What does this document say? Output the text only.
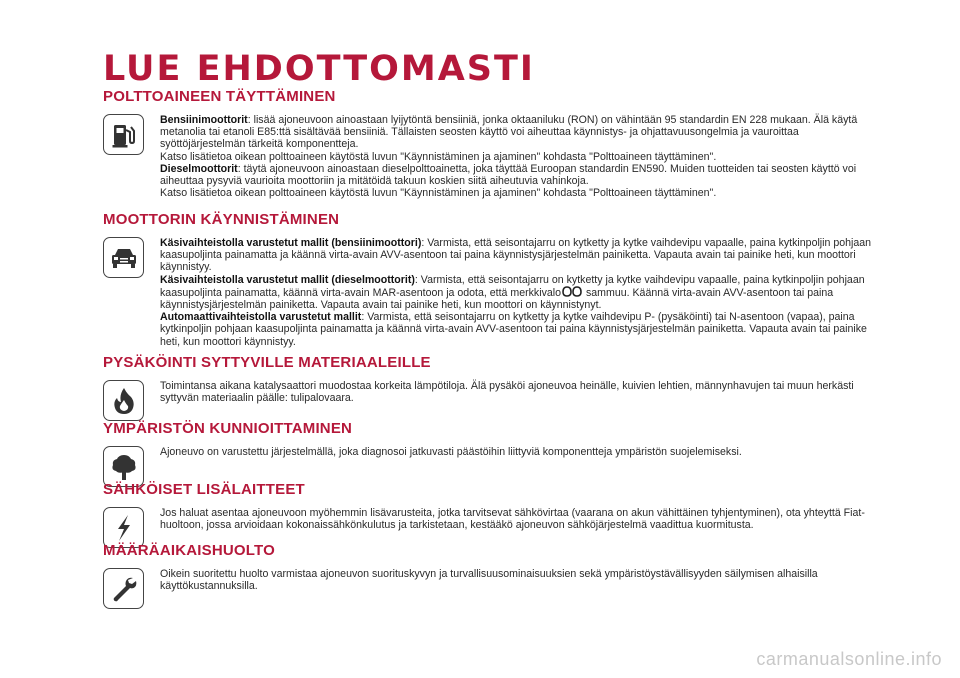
LUE EHDOTTOMASTI
POLTTOAINEEN TÄYTTÄMINEN

Bensiinimoottorit: lisää ajoneuvoon ainoastaan lyijytöntä bensiiniä, jonka oktaaniluku (RON) on vähintään 95 standardin EN 228 mukaan. Älä käytä metanolia tai etanoli E85:ttä sisältävää bensiiniä. Tällaisten seosten käyttö voi aiheuttaa käynnistys- ja ohjattavuusongelmia ja vauroittaa syöttöjärjestelmän tärkeitä komponentteja.

Katso lisätietoa oikean polttoaineen käytöstä luvun "Käynnistäminen ja ajaminen" kohdasta "Polttoaineen täyttäminen".

Dieselmoottorit: täytä ajoneuvoon ainoastaan dieselpolttoainetta, joka täyttää Euroopan standardin EN590. Muiden tuotteiden tai seosten käyttö voi aiheuttaa pysyviä vaurioita moottoriin ja mitätöidä takuun koskien siitä aiheutuvia vahinkoja.

Katso lisätietoa oikean polttoaineen käytöstä luvun "Käynnistäminen ja ajaminen" kohdasta "Polttoaineen täyttäminen".

MOOTTORIN KÄYNNISTÄMINEN

Käsivaihteistolla varustetut mallit (bensiinimoottori): Varmista, että seisontajarru on kytketty ja kytke vaihdevipu vapaalle, paina kytkinpoljin pohjaan kaasupoljinta painamatta ja käännä virta-avain AVV-asentoon tai paina käynnistysjärjestelmän painiketta. Vapauta avain tai painike heti, kun moottori käynnistyy.

Käsivaihteistolla varustetut mallit (dieselmoottorit): Varmista, että seisontajarru on kytketty ja kytke vaihdevipu vapaalle, paina kytkinpoljin pohjaan kaasupoljinta painamatta, käännä virta-avain MAR-asentoon ja odota, että merkkivalo sammuu. Käännä virta-avain AVV-asentoon tai paina käynnistysjärjestelmän painiketta. Vapauta avain tai painike heti, kun moottori on käynnistynyt.

Automaattivaihteistolla varustetut mallit: Varmista, että seisontajarru on kytketty ja kytke vaihdevipu P- (pysäköinti) tai N-asentoon (vapaa), paina kytkinpoljin pohjaan kaasupoljinta painamatta ja käännä virta-avain AVV-asentoon tai paina käynnistysjärjestelmän painiketta. Vapauta avain tai painike heti, kun moottori käynnistyy.

PYSÄKÖINTI SYTTYVILLE MATERIAALEILLE

Toimintansa aikana katalysaattori muodostaa korkeita lämpötiloja. Älä pysäköi ajoneuvoa heinälle, kuivien lehtien, männynhavujen tai muun herkästi syttyvän materiaalin päälle: tulipalovaara.

YMPÄRISTÖN KUNNIOITTAMINEN

Ajoneuvo on varustettu järjestelmällä, joka diagnosoi jatkuvasti päästöihin liittyviä komponentteja ympäristön suojelemiseksi.

SÄHKÖISET LISÄLAITTEET

Jos haluat asentaa ajoneuvoon myöhemmin lisävarusteita, jotka tarvitsevat sähkövirtaa (vaarana on akun vähittäinen tyhjentyminen), ota yhteyttä Fiat-huoltoon, jossa arvioidaan kokonaissähkönkulutus ja tarkistetaan, kestääkö ajoneuvon sähköjärjestelmä vaadittua kuormitusta.

MÄÄRÄAIKAISHUOLTO

Oikein suoritettu huolto varmistaa ajoneuvon suorituskyvyn ja turvallisuusominaisuuksien sekä ympäristöystävällisyyden säilymisen alhaisilla käyttökustannuksilla.

carmanualsonline.info
